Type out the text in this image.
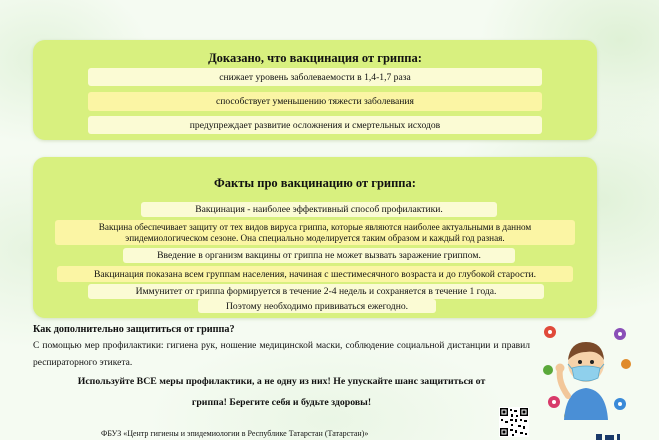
Доказано, что вакцинация от гриппа:
снижает уровень заболеваемости в 1,4-1,7 раза
способствует уменьшению тяжести заболевания
предупреждает развитие осложнения и смертельных исходов
Факты про вакцинацию от гриппа:
Вакцинация - наиболее эффективный способ профилактики.
Вакцина обеспечивает защиту от тех видов вируса гриппа, которые являются наиболее актуальными в данном эпидемиологическом сезоне. Она специально моделируется таким образом и каждый год разная.
Введение в организм вакцины от гриппа не может вызвать заражение гриппом.
Вакцинация показана всем группам населения, начиная с шестимесячного возраста и до глубокой старости.
Иммунитет от гриппа формируется в течение 2-4 недель и сохраняется в течение 1 года.
Поэтому необходимо прививаться ежегодно.
Как дополнительно защититься от гриппа?
С помощью мер профилактики: гигиена рук, ношение медицинской маски, соблюдение социальной дистанции и правил респираторного этикета.
Используйте ВСЕ меры профилактики, а не одну из них! Не упускайте шанс защититься от
гриппа! Берегите себя и будьте здоровы!
ФБУЗ «Центр гигиены и эпидемиологии в Республике Татарстан (Татарстан)»
